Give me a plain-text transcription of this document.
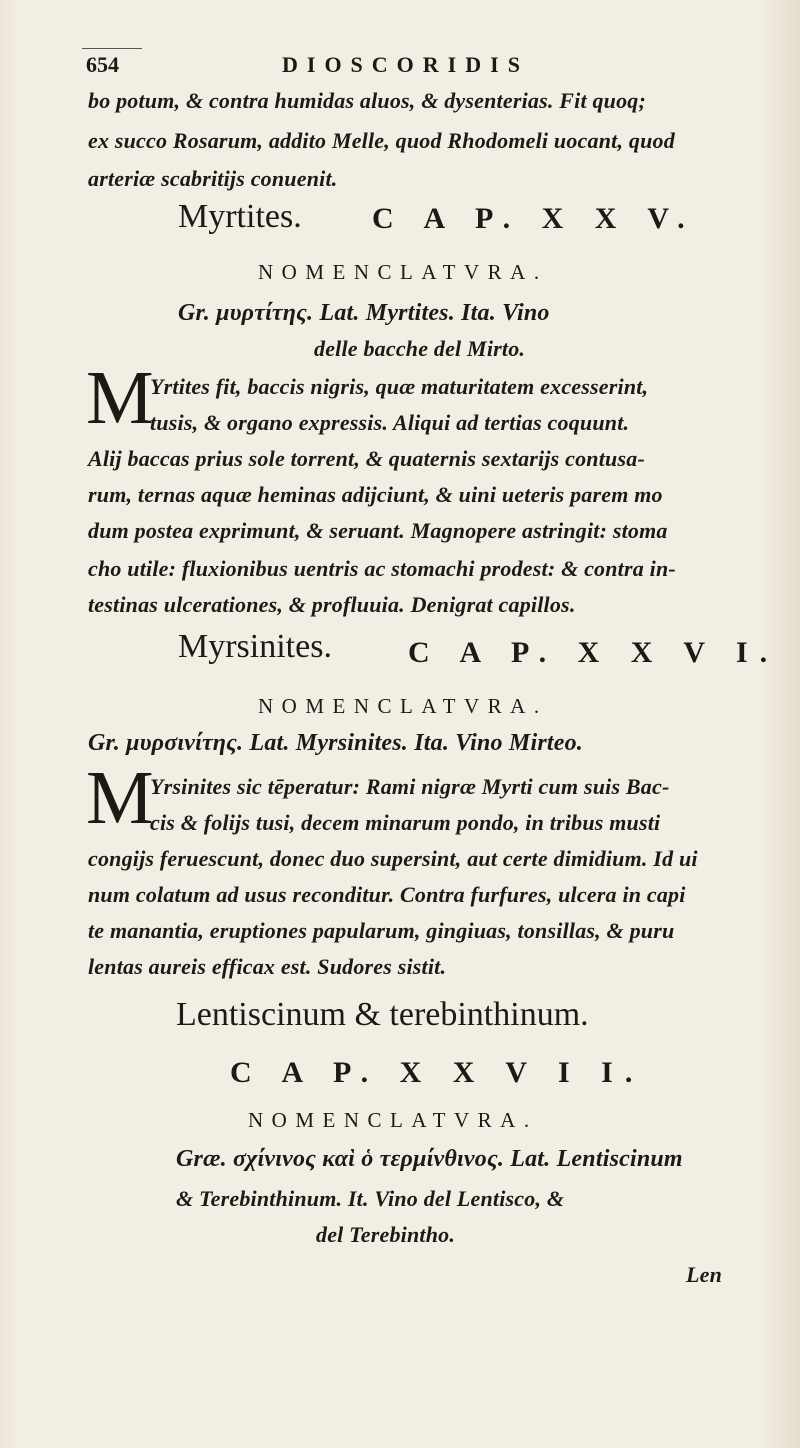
654	DIOSCORIDIS
bo potum, & contra humidas aluos, & dysenterias. Fit quoq;
ex succo Rosarum, addito Melle, quod Rhodomeli uocant, quod
arteriæ scabritijs conuenit.
Myrtites. C A P. X X V.
NOMENCLATVRA.
Gr. μυρτίτης. Lat. Myrtites. Ita. Vino
delle bacche del Mirto.
M
Yrtites fit, baccis nigris, quæ maturitatem excesserint,
tusis, & organo expressis. Aliqui ad tertias coquunt.
Alij baccas prius sole torrent, & quaternis sextarijs contusa-
rum, ternas aquæ heminas adijciunt, & uini ueteris parem mo
dum postea exprimunt, & seruant. Magnopere astringit: stoma
cho utile: fluxionibus uentris ac stomachi prodest: & contra in-
testinas ulcerationes, & profluuia. Denigrat capillos.
Myrsinites.	C A P. X X V I.
NOMENCLATVRA.
Gr. μυρσινίτης. Lat. Myrsinites. Ita. Vino Mirteo.
M
Yrsinites sic tēperatur: Rami nigræ Myrti cum suis Bac-
cis & folijs tusi, decem minarum pondo, in tribus musti
congijs feruescunt, donec duo supersint, aut certe dimidium. Id ui
num colatum ad usus reconditur. Contra furfures, ulcera in capi
te manantia, eruptiones papularum, gingiuas, tonsillas, & puru
lentas aureis efficax est. Sudores sistit.
Lentiscinum & terebinthinum.
C A P. X X V I I.
NOMENCLATVRA.
Græ. σχίνινος καὶ ὁ τερμίνθινος. Lat. Lentiscinum
& Terebinthinum. It. Vino del Lentisco, &
del Terebintho.
Len
